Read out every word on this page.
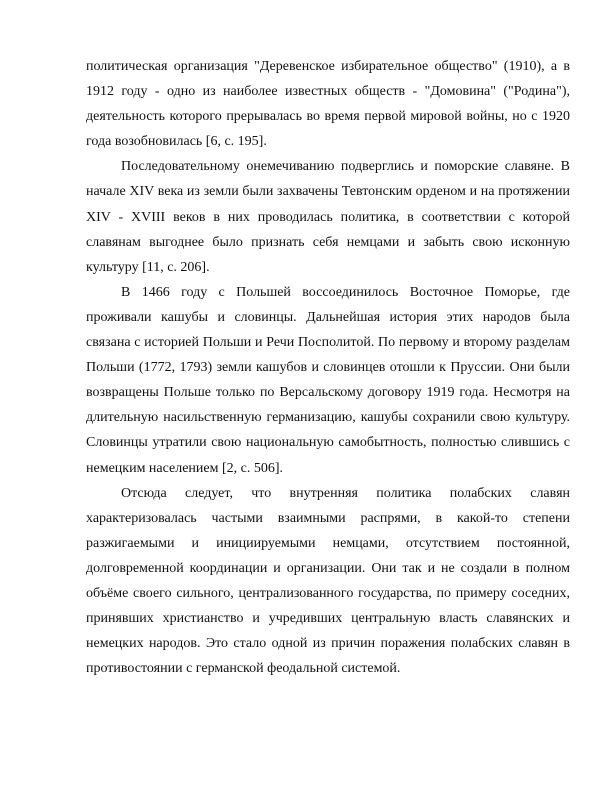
политическая организация "Деревенское избирательное общество" (1910), а в 1912 году - одно из наиболее известных обществ - "Домовина" ("Родина"), деятельность которого прерывалась во время первой мировой войны, но с 1920 года возобновилась [6, с. 195].

Последовательному онемечиванию подверглись и поморские славяне. В начале XIV века из земли были захвачены Тевтонским орденом и на протяжении XIV - XVIII веков в них проводилась политика, в соответствии с которой славянам выгоднее было признать себя немцами и забыть свою исконную культуру [11, с. 206].

В 1466 году с Польшей воссоединилось Восточное Поморье, где проживали кашубы и словинцы. Дальнейшая история этих народов была связана с историей Польши и Речи Посполитой. По первому и второму разделам Польши (1772, 1793) земли кашубов и словинцев отошли к Пруссии. Они были возвращены Польше только по Версальскому договору 1919 года. Несмотря на длительную насильственную германизацию, кашубы сохранили свою культуру. Словинцы утратили свою национальную самобытность, полностью слившись с немецким населением [2, с. 506].

Отсюда следует, что внутренняя политика полабских славян характеризовалась частыми взаимными распрями, в какой-то степени разжигаемыми и инициируемыми немцами, отсутствием постоянной, долговременной координации и организации. Они так и не создали в полном объёме своего сильного, централизованного государства, по примеру соседних, принявших христианство и учредивших центральную власть славянских и немецких народов. Это стало одной из причин поражения полабских славян в противостоянии с германской феодальной системой.
